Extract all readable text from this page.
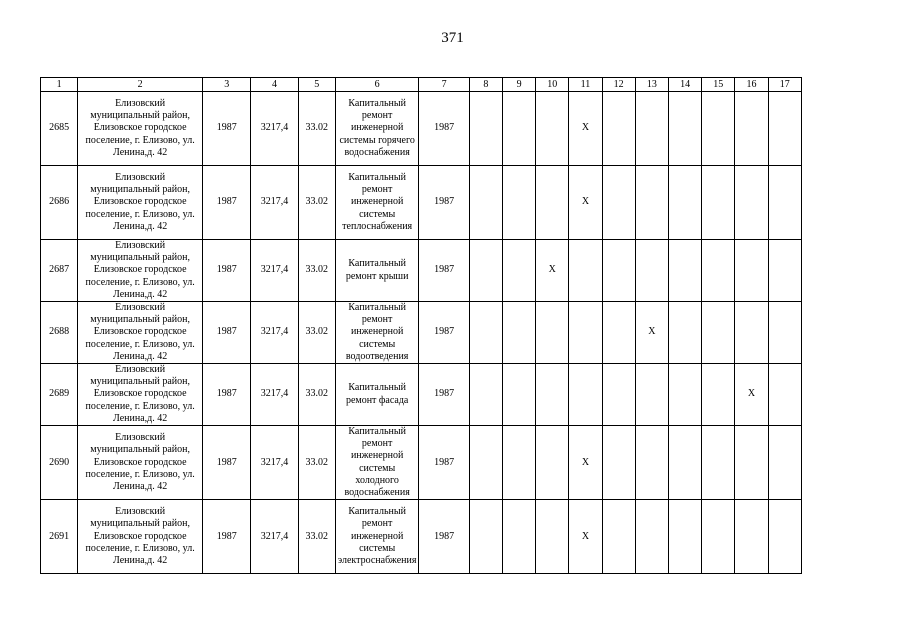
371
1	2	3	4	5	6	7	8	9	10	11	12	13	14	15	16	17
2685	Елизовский муниципальный район, Елизовское городское поселение, г. Елизово, ул. Ленина,д. 42	1987	3217,4	33.02	Капитальный ремонт инженерной системы горячего водоснабжения	1987				X						
2686	Елизовский муниципальный район, Елизовское городское поселение, г. Елизово, ул. Ленина,д. 42	1987	3217,4	33.02	Капитальный ремонт инженерной системы теплоснабжения	1987				X						
2687	Елизовский муниципальный район, Елизовское городское поселение, г. Елизово, ул. Ленина,д. 42	1987	3217,4	33.02	Капитальный ремонт крыши	1987			X							
2688	Елизовский муниципальный район, Елизовское городское поселение, г. Елизово, ул. Ленина,д. 42	1987	3217,4	33.02	Капитальный ремонт инженерной системы водоотведения	1987						X				
2689	Елизовский муниципальный район, Елизовское городское поселение, г. Елизово, ул. Ленина,д. 42	1987	3217,4	33.02	Капитальный ремонт фасада	1987									X	
2690	Елизовский муниципальный район, Елизовское городское поселение, г. Елизово, ул. Ленина,д. 42	1987	3217,4	33.02	Капитальный ремонт инженерной системы холодного водоснабжения	1987				X						
2691	Елизовский муниципальный район, Елизовское городское поселение, г. Елизово, ул. Ленина,д. 42	1987	3217,4	33.02	Капитальный ремонт инженерной системы электроснабжения	1987				X						
